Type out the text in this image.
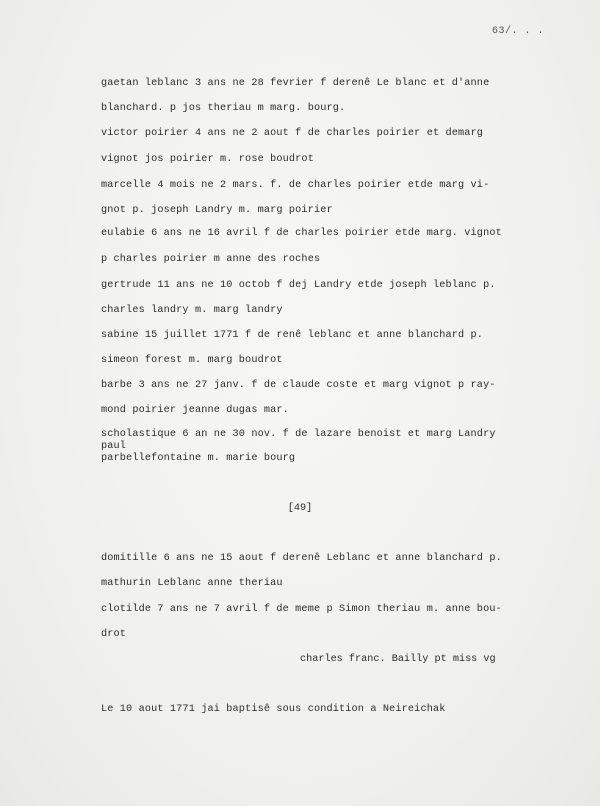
63/. . .
gaetan leblanc 3 ans ne 28 fevrier f derenê Le blanc et d'anne
blanchard. p jos theriau m marg. bourg.
victor poirier 4 ans ne 2 aout f de charles poirier et demarg
vignot jos poirier m. rose boudrot
marcelle 4 mois ne 2 mars. f. de charles poirier etde marg vi-
gnot p. joseph Landry m. marg poirier
eulabie 6 ans ne 16 avril f de charles poirier etde marg. vignot
p charles poirier m anne des roches
gertrude 11 ans ne 10 octob f dej Landry etde joseph leblanc p.
charles landry m. marg landry
sabine 15 juillet 1771 f de renê leblanc et anne blanchard p.
simeon forest m. marg boudrot
barbe 3 ans ne 27 janv. f de claude coste et marg vignot p ray-
mond poirier jeanne dugas mar.
scholastique 6 an ne 30 nov. f de lazare benoist et marg Landry
paul
parbellefontaine m. marie bourg
[49]
domitille 6 ans ne 15 aout f derenê Leblanc et anne blanchard p.
mathurin Leblanc anne theriau
clotilde 7 ans ne 7 avril f de meme p Simon theriau m. anne bou-
drot
charles franc. Bailly pt miss vg
Le 10 aout 1771 jai baptisê sous condition a Neireichak
